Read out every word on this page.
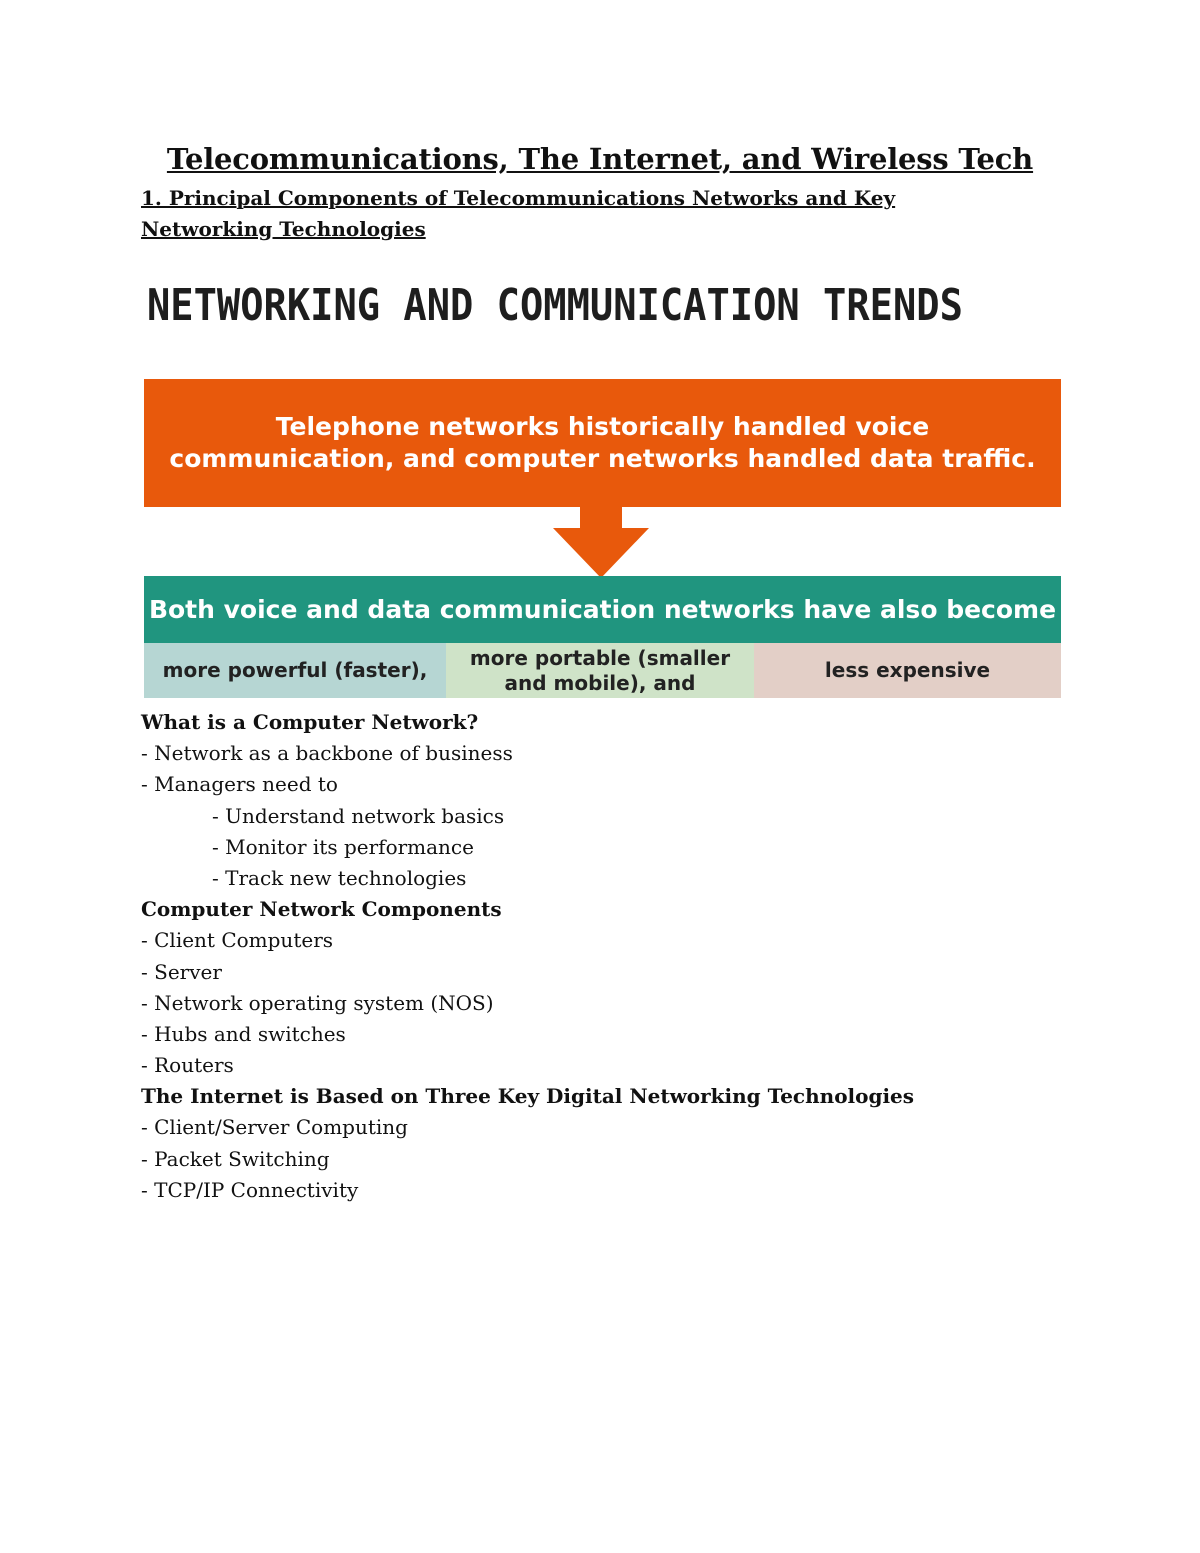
Telecommunications, The Internet, and Wireless Tech
1. Principal Components of Telecommunications Networks and Key Networking Technologies
NETWORKING AND COMMUNICATION TRENDS
Telephone networks historically handled voice communication, and computer networks handled data traffic.
Both voice and data communication networks have also become
more powerful (faster),
more portable (smaller and mobile), and
less expensive
What is a Computer Network?
- Network as a backbone of business
- Managers need to
- Understand network basics
- Monitor its performance
- Track new technologies
Computer Network Components
- Client Computers
- Server
- Network operating system (NOS)
- Hubs and switches
- Routers
The Internet is Based on Three Key Digital Networking Technologies
- Client/Server Computing
- Packet Switching
- TCP/IP Connectivity
